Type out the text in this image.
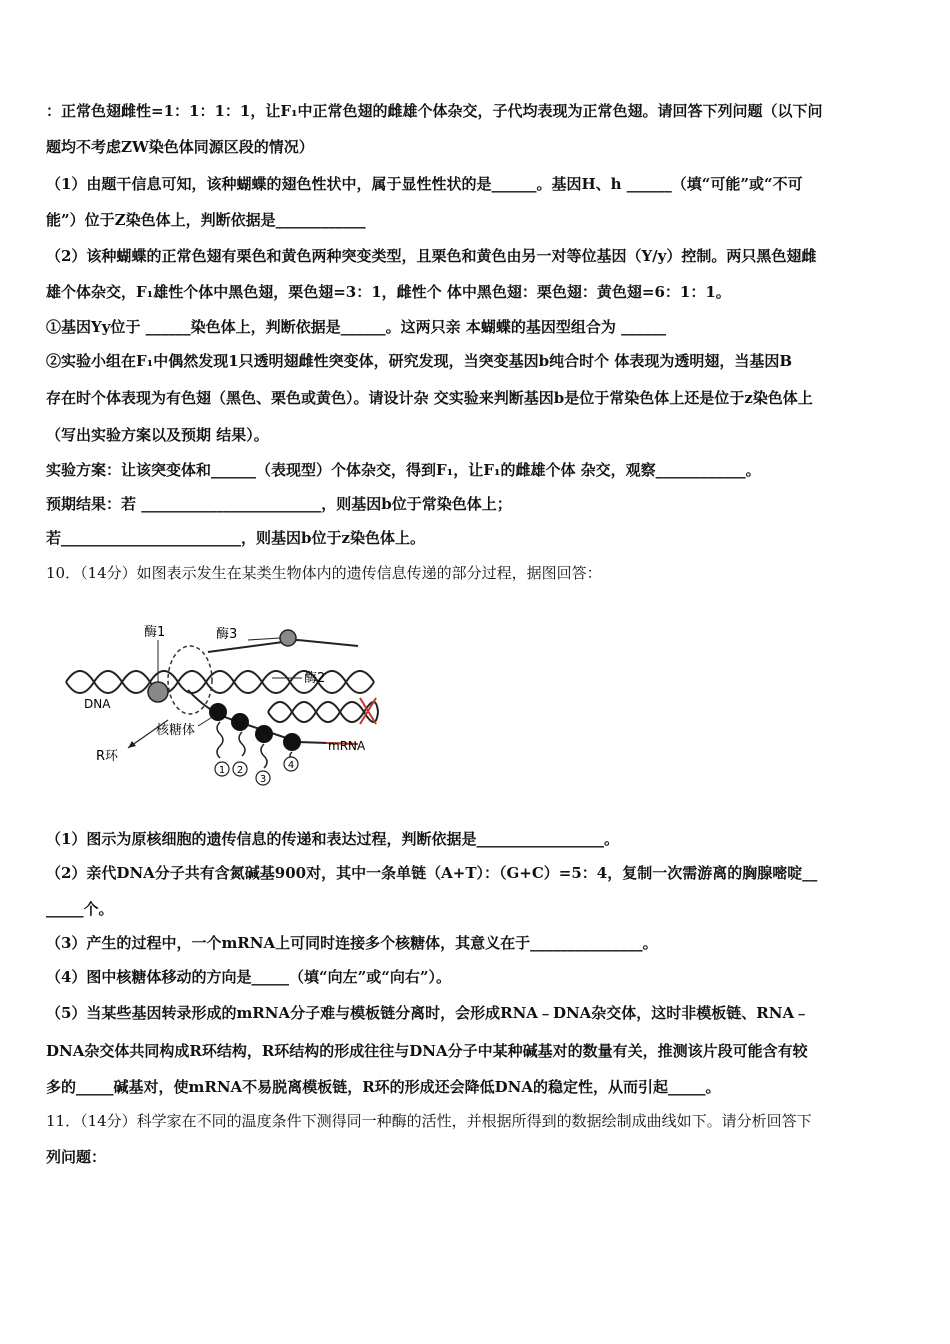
：正常色翅雌性=1：1：1：1，让F₁中正常色翅的雌雄个体杂交，子代均表现为正常色翅。请回答下列问题（以下问
题均不考虑ZW染色体同源区段的情况）
（1）由题干信息可知，该种蝴蝶的翅色性状中，属于显性性状的是______。基因H、h ______（填“可能”或“不可
能”）位于Z染色体上，判断依据是____________
（2）该种蝴蝶的正常色翅有栗色和黄色两种突变类型，且栗色和黄色由另一对等位基因（Y/y）控制。两只黑色翅雌
雄个体杂交，F₁雄性个体中黑色翅，栗色翅=3：1，雌性个 体中黑色翅：栗色翅：黄色翅=6：1：1。
①基因Yy位于 ______染色体上，判断依据是______。这两只亲 本蝴蝶的基因型组合为 ______
②实验小组在F₁中偶然发现1只透明翅雌性突变体，研究发现，当突变基因b纯合时个 体表现为透明翅，当基因B
存在时个体表现为有色翅（黑色、栗色或黄色）。请设计杂 交实验来判断基因b是位于常染色体上还是位于z染色体上
（写出实验方案以及预期 结果）。
实验方案：让该突变体和______（表现型）个体杂交，得到F₁，让F₁的雌雄个体 杂交，观察____________。
预期结果：若 ________________________，则基因b位于常染色体上；
若________________________，则基因b位于z染色体上。
10．（14分）如图表示发生在某类生物体内的遗传信息传递的部分过程，据图回答：
1 2
3
4
酶1	酶3
酶2
DNA
核糖体
R环
mRNA
（1）图示为原核细胞的遗传信息的传递和表达过程，判断依据是_________________。
（2）亲代DNA分子共有含氮碱基900对，其中一条单链（A+T）：（G+C）=5：4，复制一次需游离的胸腺嘧啶__
_____个。
（3）产生的过程中，一个mRNA上可同时连接多个核糖体，其意义在于_______________。
（4）图中核糖体移动的方向是_____（填“向左”或“向右”）。
（5）当某些基因转录形成的mRNA分子难与模板链分离时，会形成RNA﹣DNA杂交体，这时非模板链、RNA﹣
DNA杂交体共同构成R环结构，R环结构的形成往往与DNA分子中某种碱基对的数量有关，推测该片段可能含有较
多的_____碱基对，使mRNA不易脱离模板链，R环的形成还会降低DNA的稳定性，从而引起_____。
11．（14分）科学家在不同的温度条件下测得同一种酶的活性，并根据所得到的数据绘制成曲线如下。请分析回答下
列问题：
